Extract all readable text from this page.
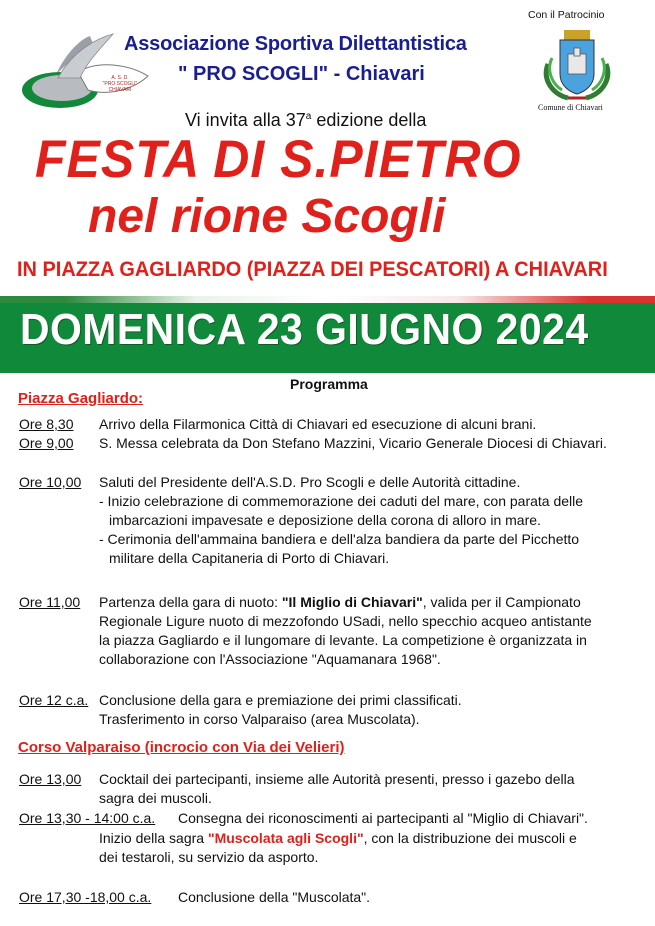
A. S. D.
"PRO SCOGLI"
CHIAVARI
Associazione Sportiva Dilettantistica
" PRO SCOGLI" - Chiavari
Con il Patrocinio
Comune di Chiavari
Vi invita alla 37$^a$ edizione della
FESTA DI S.PIETRO
nel rione Scogli
IN PIAZZA GAGLIARDO (PIAZZA DEI PESCATORI) A CHIAVARI
DOMENICA 23 GIUGNO 2024
Programma
Piazza Gagliardo:
Ore 8,30 Arrivo della Filarmonica Città di Chiavari ed esecuzione di alcuni brani.
Ore 9,00 S. Messa celebrata da Don Stefano Mazzini, Vicario Generale Diocesi di Chiavari.
Ore 10,00 Saluti del Presidente dell'A.S.D. Pro Scogli e delle Autorità cittadine.
- Inizio celebrazione di commemorazione dei caduti del mare, con parata delle
imbarcazioni impavesate e deposizione della corona di alloro in mare.
- Cerimonia dell'ammaina bandiera e dell'alza bandiera da parte del Picchetto
militare della Capitaneria di Porto di Chiavari.
Ore 11,00 Partenza della gara di nuoto: "Il Miglio di Chiavari", valida per il Campionato
Regionale Ligure nuoto di mezzofondo USadi, nello specchio acqueo antistante
la piazza Gagliardo e il lungomare di levante. La competizione è organizzata in
collaborazione con l'Associazione "Aquamanara 1968".
Ore 12 c.a. Conclusione della gara e premiazione dei primi classificati.
Trasferimento in corso Valparaiso (area Muscolata).
Corso Valparaiso (incrocio con Via dei Velieri)
Ore 13,00 Cocktail dei partecipanti, insieme alle Autorità presenti, presso i gazebo della
sagra dei muscoli.
Ore 13,30 - 14:00 c.a. Consegna dei riconoscimenti ai partecipanti al "Miglio di Chiavari".
Inizio della sagra "Muscolata agli Scogli", con la distribuzione dei muscoli e
dei testaroli, su servizio da asporto.
Ore 17,30 -18,00 c.a. Conclusione della "Muscolata".
